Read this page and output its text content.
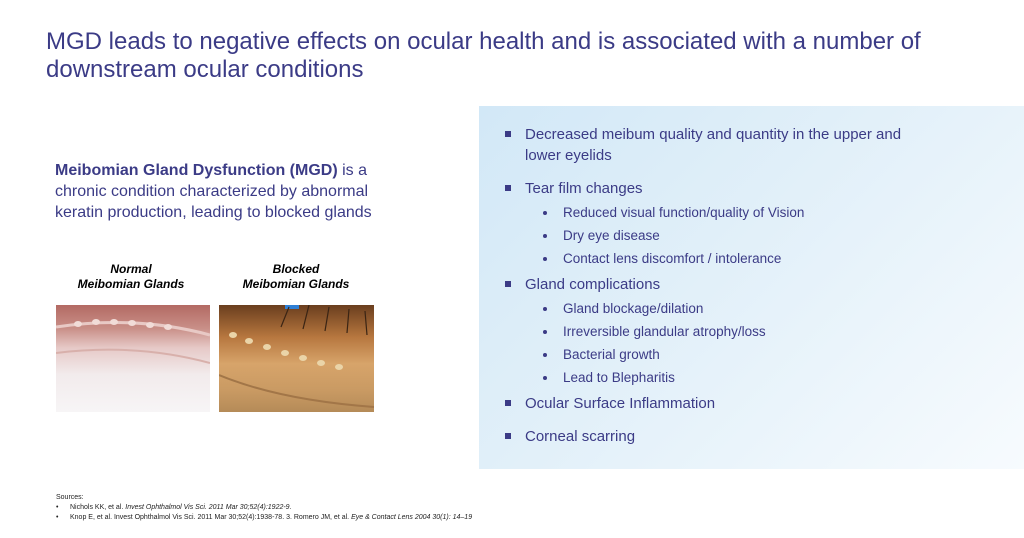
MGD leads to negative effects on ocular health and is associated with a number of downstream ocular conditions
Meibomian Gland Dysfunction (MGD) is a chronic condition characterized by abnormal keratin production, leading to blocked glands
Normal
Meibomian Glands
Blocked
Meibomian Glands
Decreased meibum quality and quantity in the upper and lower eyelids
Tear film changes
Reduced visual function/quality of Vision
Dry eye disease
Contact lens discomfort / intolerance
Gland complications
Gland blockage/dilation
Irreversible glandular atrophy/loss
Bacterial growth
Lead to Blepharitis
Ocular Surface Inflammation
Corneal scarring
Sources:
• Nichols KK, et al. Invest Ophthalmol Vis Sci. 2011 Mar 30;52(4):1922-9.
• Knop E, et al. Invest Ophthalmol Vis Sci. 2011 Mar 30;52(4):1938-78. 3. Romero JM, et al. Eye & Contact Lens 2004 30(1): 14–19
